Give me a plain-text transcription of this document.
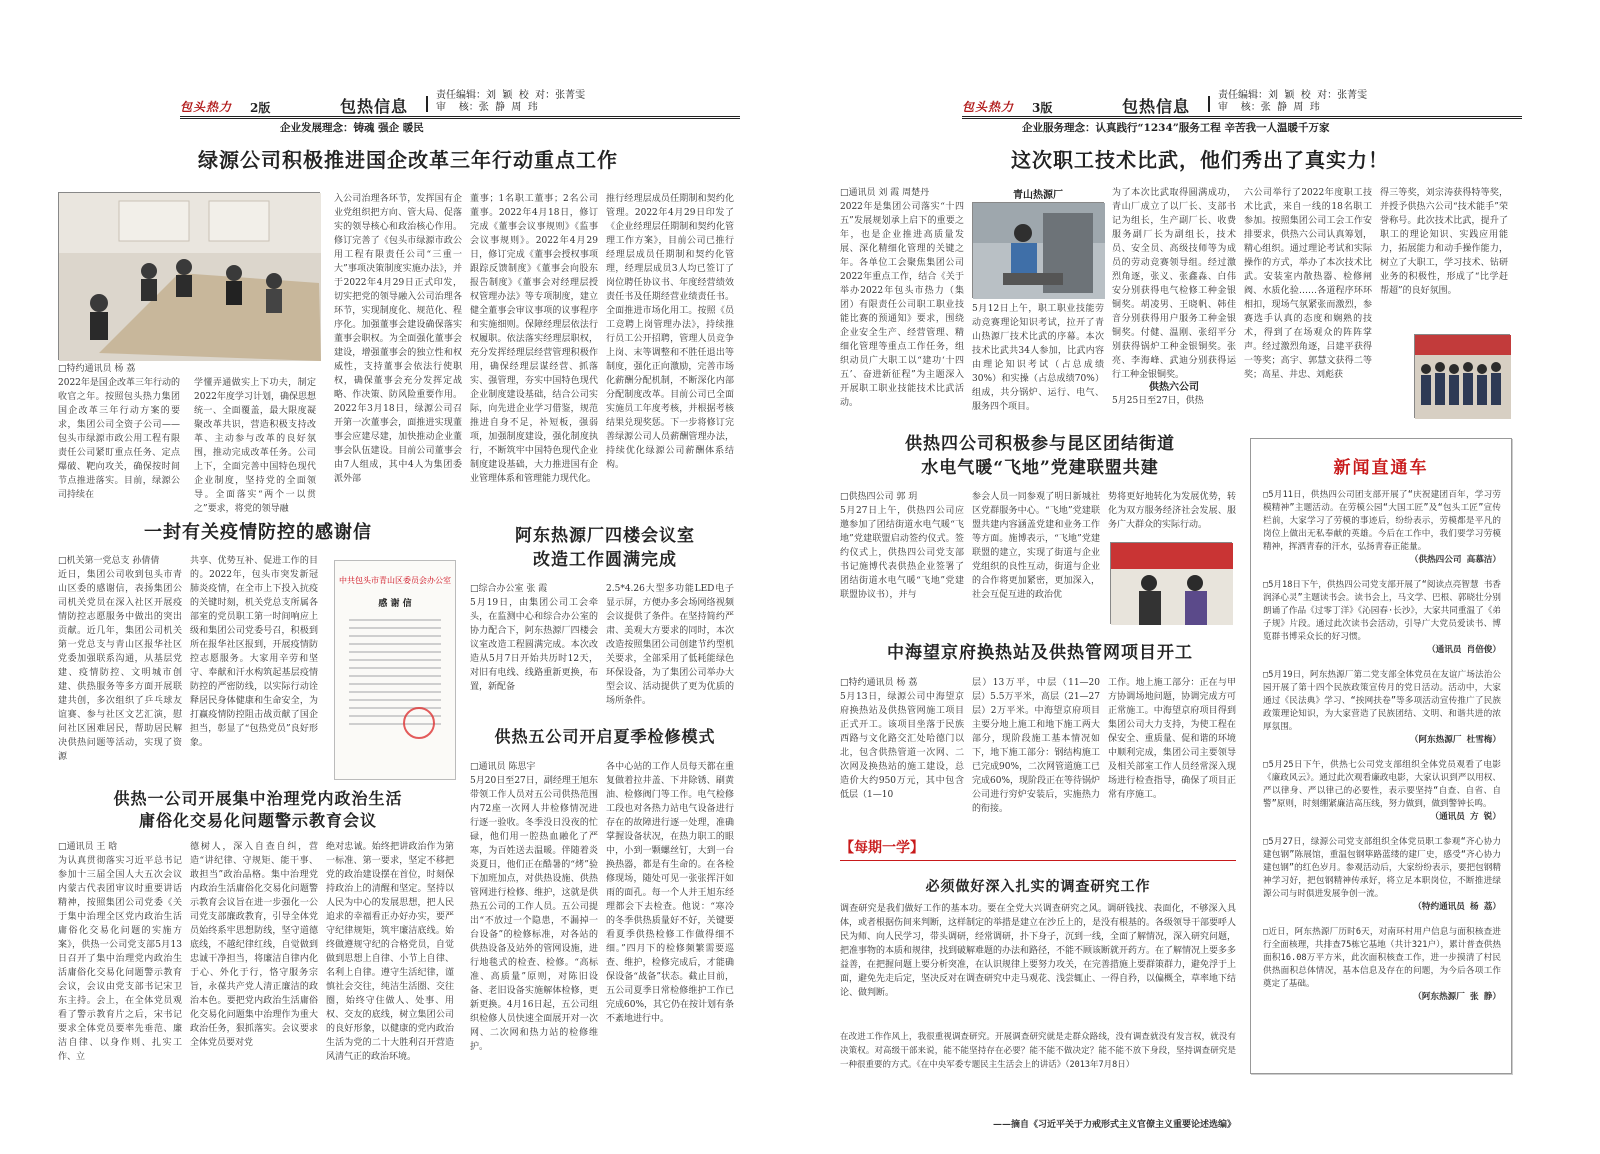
包头热力 2版	包热信息
责任编辑：刘  颖  校  对：张菁雯
审    核：张  静  周  玮
企业发展理念：铸魂 强企 暖民
绿源公司积极推进国企改革三年行动重点工作
□特约通讯员 杨 荔
2022年是国企改革三年行动的收官之年。按照包头热力集团国企改革三年行动方案的要求，集团公司全资子公司——包头市绿源市政公用工程有限责任公司紧盯重点任务、定点爆破、靶向攻关，确保按时间节点推进落实。目前，绿源公司持续在
学懂弄通做实上下功夫，制定2022年度学习计划，确保思想统一、全面覆盖，最大限度凝聚改革共识，营造积极支持改革、主动参与改革的良好氛围，推动完成改革任务。公司上下，全面完善中国特色现代企业制度，坚持党的全面领导。全面落实“两个一以贯之”要求，将党的领导融
入公司治理各环节，发挥国有企业党组织把方向、管大局、促落实的领导核心和政治核心作用。修订完善了《包头市绿源市政公用工程有限责任公司“三重一大”事项决策制度实施办法》，并于2022年4月29日正式印发，切实把党的领导融入公司治理各环节，实现制度化、规范化、程序化。加强董事会建设确保落实董事会职权。为全面强化董事会建设，增强董事会的独立性和权威性，支持董事会依法行使职权，确保董事会充分发挥定战略、作决策、防风险重要作用。2022年3月18日，绿源公司召开第一次董事会，面推进实现董事会应建尽建，加快推动企业董事会队伍建设。目前公司董事会由7人组成，其中4人为集团委派外部
董事；1名职工董事；2名公司董事。2022年4月18日，修订完成《董事会议事规则》《监事会议事规则》。2022年4月29日，修订完成《董事会授权事项跟踪反馈制度》《董事会向股东报告制度》《董事会对经理层授权管理办法》等专项制度，建立健全董事会审议事项的议事程序和实施细则。保障经理层依法行权履职。依法落实经理层职权，充分发挥经理层经营管理积极作用，确保经理层谋经营、抓落实、强管理，夯实中国特色现代企业制度建设基础，结合公司实际，向先进企业学习借鉴，规范推进自身不足，补短板，强弱项，加强制度建设，强化制度执行，不断筑牢中国特色现代企业制度建设基础，大力推进国有企业管理体系和管理能力现代化。
推行经理层成员任期制和契约化管理。2022年4月29日印发了《企业经理层任期制和契约化管理工作方案》，目前公司已推行经理层成员任期制和契约化管理，经理层成员3人均已签订了岗位聘任协议书、年度经营绩效责任书及任期经营业绩责任书。全面推进市场化用工。按照《员工竞聘上岗管理办法》，持续推行员工公开招聘，管理人员竞争上岗、末等调整和不胜任退出等制度，强化正向激励，完善市场化薪酬分配机制，不断深化内部分配制度改革。目前公司已全面实施员工年度考核，并根据考核结果兑现奖惩。下一步将修订完善绿源公司人员薪酬管理办法，持续优化绿源公司薪酬体系结构。
一封有关疫情防控的感谢信
□机关第一党总支 孙倩倩
近日，集团公司收到包头市青山区委的感谢信，表扬集团公司机关党员在深入社区开展疫情防控志愿服务中做出的突出贡献。近几年，集团公司机关第一党总支与青山区报华社区党委加强联系沟通，从基层党建、疫情防控、文明城市创建、供热服务等多方面开展联建共创，多次组织了乒乓球友谊赛、参与社区文艺汇演，慰问社区困难居民，帮助居民解决供热问题等活动，实现了资源
共享、优势互补、促进工作的目的。2022年，包头市突发新冠肺炎疫情，在全市上下投入抗疫的关键时刻，机关党总支所属各部室的党员职工第一时间响应上级和集团公司党委号召，积极到所在报华社区报到，开展疫情防控志愿服务。大家用辛劳和坚守、奉献和汗水构筑起基层疫情防控的严密防线，以实际行动诠释居民身体健康和生命安全，为打赢疫情防控阻击战贡献了国企担当，彰显了“包热党员”良好形象。
中共包头市青山区委员会办公室
感 谢 信
阿东热源厂四楼会议室
改造工作圆满完成
□综合办公室 张 霞
5月19日，由集团公司工会牵头，在监测中心和综合办公室的协力配合下，阿东热源厂四楼会议室改造工程圆满完成。本次改造从5月7日开始共历时12天，对旧有电线、线路重新更换，布置，新配备
2.5*4.26大型多功能LED电子显示屏，方便办多会场网络视频会议提供了条件。在坚持简约严肃、美观大方要求的同时，本次改造按照集团公司创建节约型机关要求，全部采用了低耗能绿色环保设备，为了集团公司举办大型会议、活动提供了更为优质的场所条件。
供热五公司开启夏季检修模式
□通讯员 陈思宇
5月20日至27日，副经理王旭东带领工作人员对五公司供热范围内72座一次网人井检修情况进行逐一验收。冬季没日没夜的忙碌，他们用一腔热血融化了严寒，为百姓送去温暖。伴随着炎炎夏日，他们正在酷暑的“烤”验下加班加点，对供热设施、供热管网进行检修、维护，这就是供热五公司的工作人员。五公司提出“不放过一个隐患，不漏掉一台设备”的检修标准，对各站的供热设备及站外的管网设施，进行地毯式的检查、检修。“高标准、高质量”原则，对陈旧设备、老旧设备实施解体检修，更新更换。4月16日起，五公司组织检修人员快速全面展开对一次网、二次网和热力站的检修维护。
各中心站的工作人员每天都在重复做着拉井盖、下井除锈、刷黄油、检修阀门等工作。电气检修工段也对各热力站电气设备进行存在的故障进行逐一处理，准确掌握设备状况，在热力职工的眼中，小到一颗螺丝钉，大到一台换热器，都是有生命的。在各检修现场，随处可见一张张挥汗如雨的面孔。每一个人并王旭东经理都会下去检查。他说：“寒冷的冬季供热质量好不好，关键要看夏季供热检修工作做得细不细。”四月下的检修频繁需要巡查、维护，检修完成后，才能确保设备“战备”状态。截止目前，五公司夏季日常检修维护工作已完成60%，其它仍在按计划有条不紊地进行中。
供热一公司开展集中治理党内政治生活
庸俗化交易化问题警示教育会议
□通讯员 王 晗
为认真贯彻落实习近平总书记参加十三届全国人大五次会议内蒙古代表团审议时重要讲话精神，按照集团公司党委《关于集中治理全区党内政治生活庸俗化交易化问题的实施方案》，供热一公司党支部5月13日召开了集中治理党内政治生活庸俗化交易化问题警示教育会议，会议由党支部书记宋卫东主持。会上，在全体党员观看了警示教育片之后，宋书记要求全体党员要率先垂范、廉洁自律、以身作则、扎实工作、立
德树人，深入自查自纠，营造“讲纪律、守规矩、能干事、敢担当”政治品格。集中治理党内政治生活庸俗化交易化问题警示教育会议旨在进一步强化一公司党支部廉政教育，引导全体党员始终系牢思想防线，坚守道德底线，不越纪律红线，自觉做到忠诚干净担当，将廉洁自律内化于心、外化于行，恪守服务宗旨，永葆共产党人清正廉洁的政治本色。要把党内政治生活庸俗化交易化问题集中治理作为重大政治任务，狠抓落实。会议要求全体党员要对党
绝对忠诚。始终把讲政治作为第一标准、第一要求，坚定不移把党的政治建设摆在首位，时刻保持政治上的清醒和坚定。坚持以人民为中心的发展思想，把人民追求的幸福看正办好办实，要严守纪律规矩，筑牢廉洁底线。始终做遵规守纪的合格党员，自觉做到思想上自律、小节上自律、名利上自律。遵守生活纪律，谨慎社会交往，纯洁生活圈、交往圈，始终守住做人、处事、用权、交友的底线，树立集团公司的良好形象，以健康的党内政治生活为党的二十大胜利召开营造风清气正的政治环境。
包头热力 3版	包热信息
责任编辑：刘  颖  校  对：张菁雯
审    核：张  静  周  玮
企业服务理念：认真践行“1234”服务工程 辛苦我一人温暖千万家
这次职工技术比武，他们秀出了真实力！
□通讯员 刘 霞 周楚丹
2022年是集团公司落实“十四五”发展规划承上启下的重要之年，也是企业推进高质量发展、深化精细化管理的关键之年。各单位工会聚焦集团公司2022年重点工作，结合《关于举办2022年包头市热力（集团）有限责任公司职工职业技能比赛的预通知》要求，围绕企业安全生产、经营管理、精细化管理等重点工作任务，组织动员广大职工以“建功‘十四五’、奋进新征程”为主题深入开展职工职业技能技术比武活动。
青山热源厂
5月12日上午，职工职业技能劳动竞赛理论知识考试，拉开了青山热源厂技术比武的序幕。本次技术比武共34人参加，比武内容由理论知识考试（占总成绩30%）和实操（占总成绩70%）组成，共分锅炉、运行、电气、服务四个项目。
为了本次比武取得圆满成功，青山厂成立了以厂长、支部书记为组长，生产副厂长、收费服务副厂长为副组长，技术员、安全员、高级技师等为成员的劳动竞赛领导组。经过激烈角逐，张义、张鑫淼、白伟安分别获得电气检修工种金银铜奖。胡凌男、王晓帆、韩佳音分别获得用户服务工种金银铜奖。付健、温刚、张绍平分别获得锅炉工种金银铜奖。张亮、李海峰、武迪分别获得运行工种金银铜奖。
供热六公司
5月25日至27日，供热
六公司举行了2022年度职工技术比武，来自一线的18名职工参加。按照集团公司工会工作安排要求，供热六公司认真筹划，精心组织。通过理论考试和实际操作的方式，举办了本次技术比武。安装室内散热器、检修闸阀、水质化验……各道程序环环相扣，现场气氛紧张而激烈，参赛选手认真的态度和娴熟的技术，得到了在场观众的阵阵掌声。经过激烈角逐，吕建平获得一等奖；高宇、郭慧文获得二等奖；高星、井忠、刘彪获
得三等奖，刘宗涛获得特等奖，并授予供热六公司“技术能手”荣誉称号。此次技术比武，提升了职工的理论知识、实践应用能力，拓展能力和动手操作能力，树立了大职工，学习技术、钻研业务的积极性，形成了“比学赶帮超”的良好氛围。
供热四公司积极参与昆区团结街道
水电气暖“飞地”党建联盟共建
□供热四公司 郭 玥
5月27日上午，供热四公司应邀参加了团结街道水电气暖“飞地”党建联盟启动签约仪式。签约仪式上，供热四公司党支部书记施博代表供热企业签署了团结街道水电气暖“飞地”党建联盟协议书），并与
参会人员一同参观了明日新城社区党群服务中心。“飞地”党建联盟共建内容涵盖党建和业务工作等方面。施博表示，“飞地”党建联盟的建立，实现了街道与企业党组织的良性互动，街道与企业的合作将更加紧密，更加深入，社会互促互进的政治优
势将更好地转化为发展优势，转化为双方服务经济社会发展、服务广大群众的实际行动。
中海望京府换热站及供热管网项目开工
□特约通讯员 杨 荔
5月13日，绿源公司中海望京府换热站及供热管网施工项目正式开工。该项目坐落于民族西路与文化路交汇处哈德门以北，包含供热管道一次网、二次网及换热站的施工建设，总造价大约950万元，其中包含低层（1—10
层）13万平，中层（11—20层）5.5万平米，高层（21—27层）2万平米。中海望京府项目主要分地上施工和地下施工两大部分，现阶段施工基本情况如下，地下施工部分：钢结构施工已完成90%，二次网管道施工已完成60%，现阶段正在等待锅炉公司进行穷炉安装后，实施热力的衔接。
工作。地上施工部分：正在与甲方协调场地问题，协调完成方可正常施工。中海望京府项目得到集团公司大力支持，为使工程在保安全、重质量、促和谐的环境中顺利完成，集团公司主要领导及相关部室工作人员经常深入现场进行检查指导，确保了项目正常有序施工。
【每期一学】
必须做好深入扎实的调查研究工作
调查研究是我们做好工作的基本功。要在全党大兴调查研究之风。调研钱找、表面化，不够深入具体，或者根据伤间来判断，这样制定的举措是建立在沙丘上的，是没有根基的。各级领导干部要呼人民为师、向人民学习，带头调研，经常调研，扑下身子，沉到一线，全面了解情况，深入研究问题，把准事物的本质和规律，找到破解难题的办法和路径，不能不顾该断就开药方。在了解情况上要多多益善，在把握问题上要分析突准，在认识规律上要努力攻关，在完善措施上要群策群力，避免浮于上面，避免先走后定，坚决反对在调查研究中走马观花、浅尝辄止、一得自矜，以偏概全，草率地下结论、做判断。
在改进工作作风上，我很重视调查研究。开展调查研究就是走群众路线，没有调查就没有发言权，就没有决策权。对高级干部来说，能不能坚持存在必要？能不能不做决定？能不能不放下身段，坚持调查研究是一种很重要的方式。《在中央军委专题民主生活会上的讲话》（2013年7月8日）
——摘自《习近平关于力戒形式主义官僚主义重要论述选编》
新闻直通车
□5月11日，供热四公司团支部开展了“庆祝建团百年，学习劳模精神”主题活动。在劳模公园“大国工匠”及“包头工匠”宣传栏前，大家学习了劳模的事迹后，纷纷表示，劳模都是平凡的岗位上做出无私奉献的英雄。今后在工作中，我们要学习劳模精神，挥洒青春的汗水，弘扬青春正能量。
（供热四公司 高慕洁）
□5月18日下午，供热四公司党支部开展了“阅读点亮智慧 书香润泽心灵”主题读书会。读书会上，马文学、巴根、郭晓壮分别朗诵了作品《过零丁洋》《沁园春·长沙》，大家共同重温了《弟子规》片段。通过此次读书会活动，引导广大党员爱读书、博览群书博采众长的好习惯。
（通讯员 肖倍俊）
□5月19日，阿东热源厂第二党支部全体党员在友谊广场法治公园开展了第十四个民族政策宣传月的党日活动。活动中，大家通过《民法典》学习、“挨网扶卷”等多项活动宣传推广了民族政策理论知识，为大家营造了民族团结、文明、和谐共进的浓厚氛围。
（阿东热源厂 杜雪梅）
□5月25日下午，供热七公司党支部组织全体党员观看了电影《廉政风云》。通过此次观看廉政电影，大家认识到严以用权、严以律身、严以律己的必要性，表示要坚持“自查、自省、自警”原则，时刻绷紧廉洁高压线，努力做到，做到警钟长鸣。
（通讯员 方 锐）
□5月27日，绿源公司党支部组织全体党员职工参观“齐心协力建包钢”陈展馆，重温包钢筚路蓝缕的建厂史，感受“齐心协力建包钢”的红色岁月。参观活动后，大家纷纷表示，要把包钢精神学习好，把包钢精神传承好，将立足本职岗位，不断推进绿源公司与时俱进发展争创一流。
（特约通讯员 杨 荔）
□近日，阿东热源厂历时6天，对南环村用户信息与面积核查进行全面核理，共排查75栋它基地（共计321户），累计普查供热面积16.08万平方米，此次面积核查工作，进一步摸清了村民供热面积总体情况，基本信息及存在的问题，为今后各项工作奠定了基础。
（阿东热源厂 张 静）
